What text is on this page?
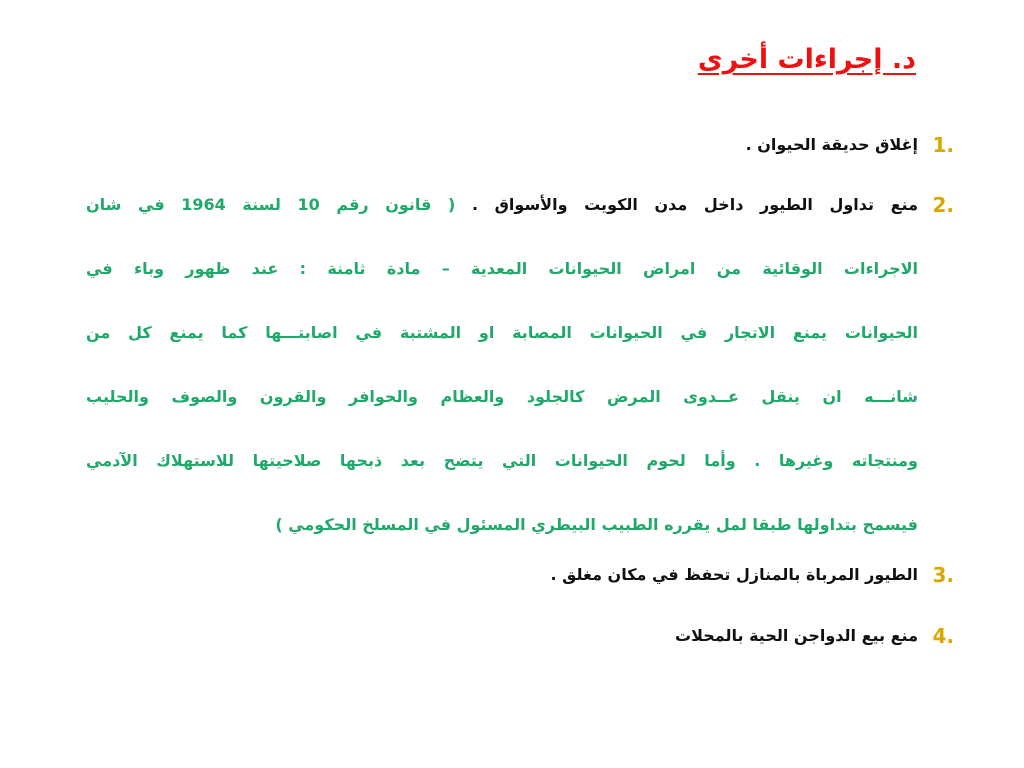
د. إجراءات أخرى
1.
إغلاق حديقة الحيوان .
2.
منع تداول الطيور داخل مدن الكويت والأسواق . ( قانون رقم 10 لسنة 1964 في شان
الاجراءات الوقائية من امراض الحيوانات المعدية – مادة ثامنة : عند ظهور وباء في
الحيوانات يمنع الاتجار في الحيوانات المصابة او المشتبة في اصابتـــها كما يمنع كل من
شانـــه ان ينقل عــدوى المرض كالجلود والعظام والحوافر والقرون والصوف والحليب
ومنتجاته وغيرها . وأما لحوم الحيوانات التي يتضح بعد ذبحها صلاحيتها للاستهلاك الآدمي
فيسمح بتداولها طبقا لمل يقرره الطبيب البيطري المسئول في المسلخ الحكومي )
3.
الطيور المرباة بالمنازل تحفظ في مكان مغلق .
4.
منع بيع الدواجن الحية بالمحلات
